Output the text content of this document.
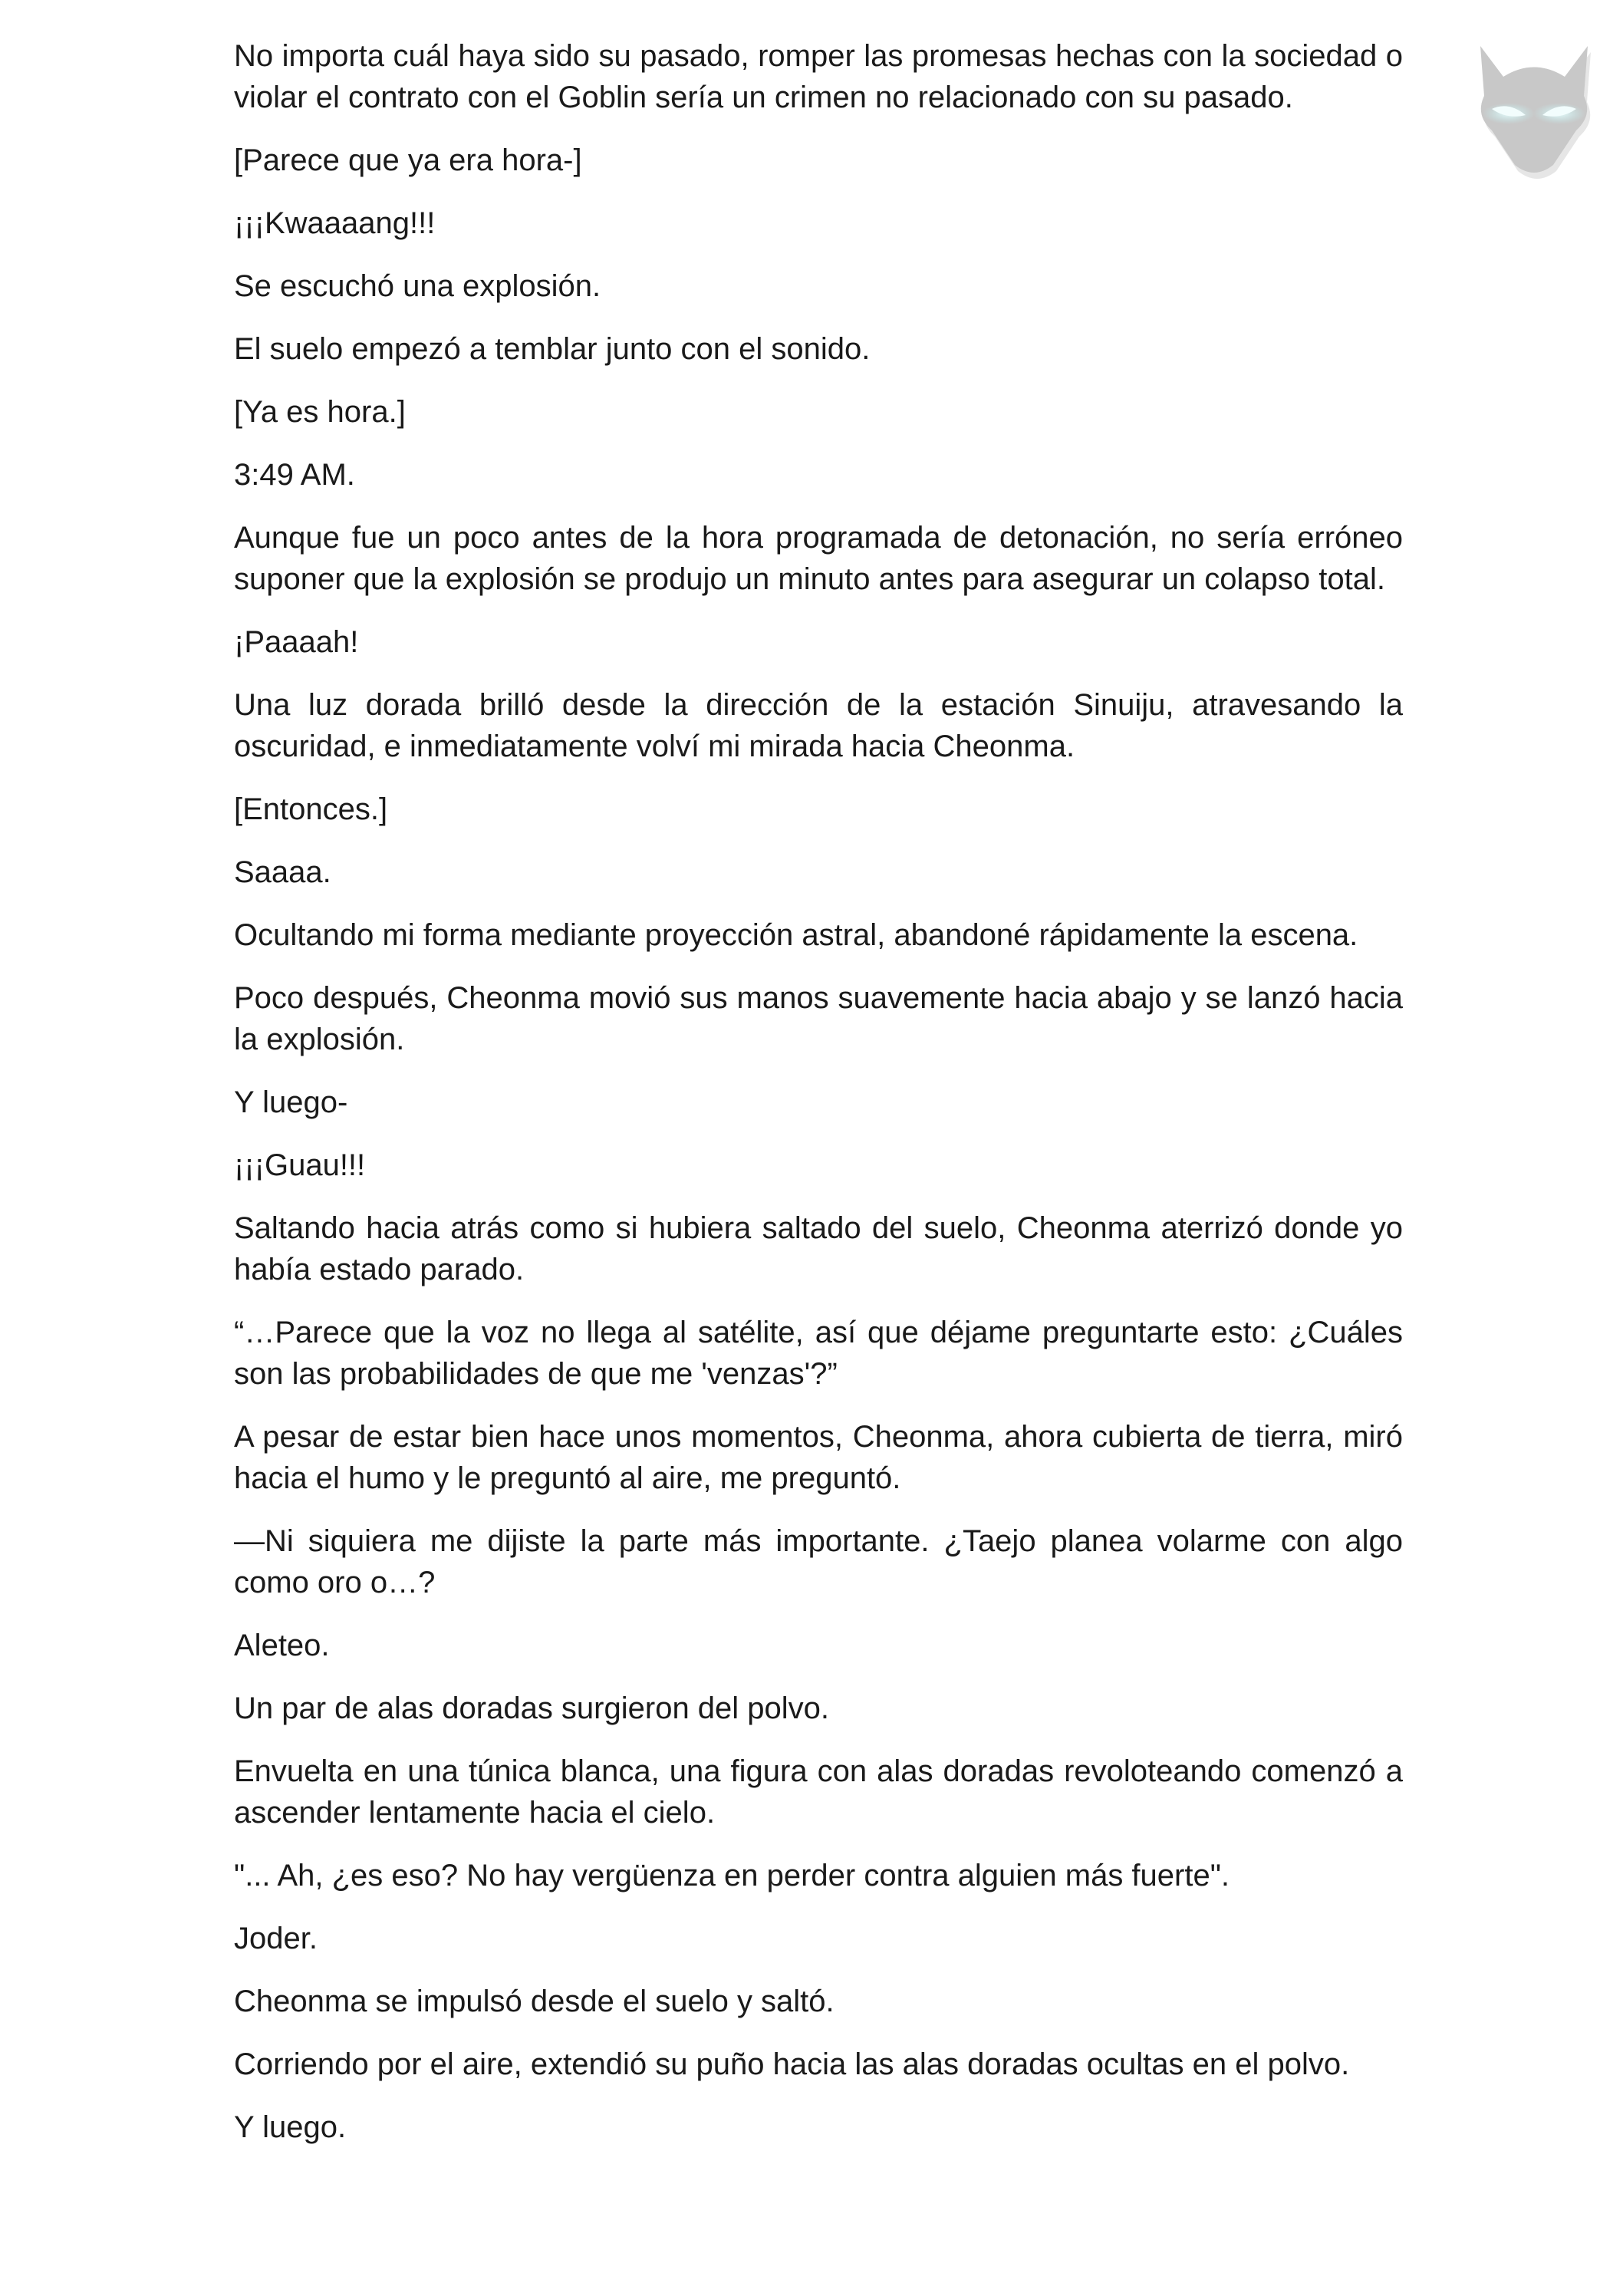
No importa cuál haya sido su pasado, romper las promesas hechas con la sociedad o violar el contrato con el Goblin sería un crimen no relacionado con su pasado.

[Parece que ya era hora-]

¡¡¡Kwaaaang!!!

Se escuchó una explosión.

El suelo empezó a temblar junto con el sonido.

[Ya es hora.]

3:49 AM.

Aunque fue un poco antes de la hora programada de detonación, no sería erróneo suponer que la explosión se produjo un minuto antes para asegurar un colapso total.

¡Paaaah!

Una luz dorada brilló desde la dirección de la estación Sinuiju, atravesando la oscuridad, e inmediatamente volví mi mirada hacia Cheonma.

[Entonces.]

Saaaa.

Ocultando mi forma mediante proyección astral, abandoné rápidamente la escena.

Poco después, Cheonma movió sus manos suavemente hacia abajo y se lanzó hacia la explosión.

Y luego-

¡¡¡Guau!!!

Saltando hacia atrás como si hubiera saltado del suelo, Cheonma aterrizó donde yo había estado parado.

“…Parece que la voz no llega al satélite, así que déjame preguntarte esto: ¿Cuáles son las probabilidades de que me 'venzas'?”

A pesar de estar bien hace unos momentos, Cheonma, ahora cubierta de tierra, miró hacia el humo y le preguntó al aire, me preguntó.

—Ni siquiera me dijiste la parte más importante. ¿Taejo planea volarme con algo como oro o…?

Aleteo.

Un par de alas doradas surgieron del polvo.

Envuelta en una túnica blanca, una figura con alas doradas revoloteando comenzó a ascender lentamente hacia el cielo.

"... Ah, ¿es eso? No hay vergüenza en perder contra alguien más fuerte".

Joder.

Cheonma se impulsó desde el suelo y saltó.

Corriendo por el aire, extendió su puño hacia las alas doradas ocultas en el polvo.

Y luego.
